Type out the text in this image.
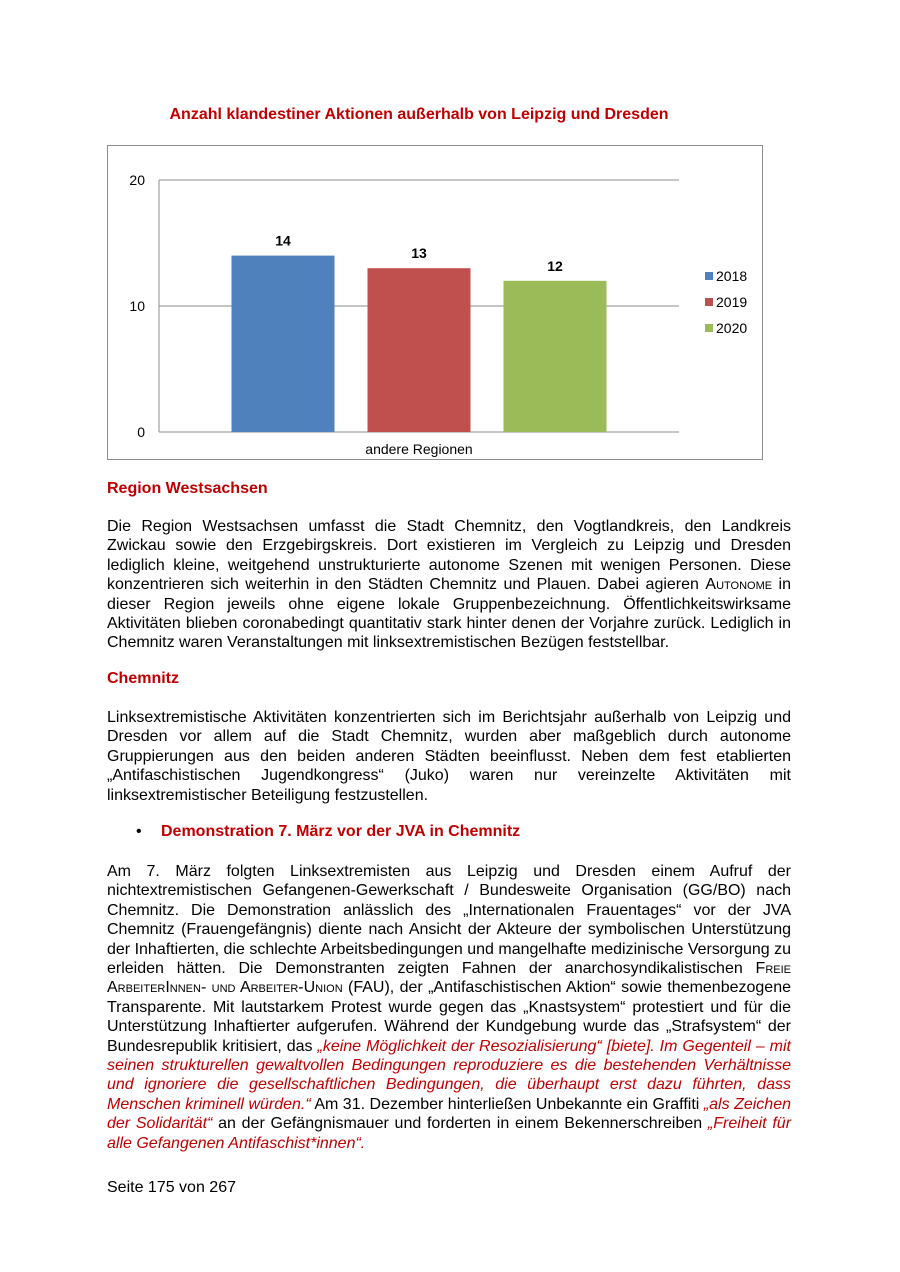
Anzahl klandestiner Aktionen außerhalb von Leipzig und Dresden
0
10
20
14
13
12
andere Regionen
2018
2019
2020
Region Westsachsen

Die Region Westsachsen umfasst die Stadt Chemnitz, den Vogtlandkreis, den Landkreis Zwickau sowie den Erzgebirgskreis. Dort existieren im Vergleich zu Leipzig und Dresden lediglich kleine, weitgehend unstrukturierte autonome Szenen mit wenigen Personen. Diese konzentrieren sich weiterhin in den Städten Chemnitz und Plauen. Dabei agieren Autonome in dieser Region jeweils ohne eigene lokale Gruppenbezeichnung. Öffentlichkeitswirksame Aktivitäten blieben coronabedingt quantitativ stark hinter denen der Vorjahre zurück. Lediglich in Chemnitz waren Veranstaltungen mit linksextremistischen Bezügen feststellbar.

Chemnitz

Linksextremistische Aktivitäten konzentrierten sich im Berichtsjahr außerhalb von Leipzig und Dresden vor allem auf die Stadt Chemnitz, wurden aber maßgeblich durch autonome Gruppierungen aus den beiden anderen Städten beeinflusst. Neben dem fest etablierten „Antifaschistischen Jugendkongress“ (Juko) waren nur vereinzelte Aktivitäten mit linksextremistischer Beteiligung festzustellen.

• Demonstration 7. März vor der JVA in Chemnitz

Am 7. März folgten Linksextremisten aus Leipzig und Dresden einem Aufruf der nichtextremistischen Gefangenen-Gewerkschaft / Bundesweite Organisation (GG/BO) nach Chemnitz. Die Demonstration anlässlich des „Internationalen Frauentages“ vor der JVA Chemnitz (Frauengefängnis) diente nach Ansicht der Akteure der symbolischen Unterstützung der Inhaftierten, die schlechte Arbeitsbedingungen und mangelhafte medizinische Versorgung zu erleiden hätten. Die Demonstranten zeigten Fahnen der anarchosyndikalistischen Freie ArbeiterInnen- und Arbeiter-Union (FAU), der „Antifaschistischen Aktion“ sowie themenbezogene Transparente. Mit lautstarkem Protest wurde gegen das „Knastsystem“ protestiert und für die Unterstützung Inhaftierter aufgerufen. Während der Kundgebung wurde das „Strafsystem“ der Bundesrepublik kritisiert, das „keine Möglichkeit der Resozialisierung“ [biete]. Im Gegenteil – mit seinen strukturellen gewaltvollen Bedingungen reproduziere es die bestehenden Verhältnisse und ignoriere die gesellschaftlichen Bedingungen, die überhaupt erst dazu führten, dass Menschen kriminell würden.“ Am 31. Dezember hinterließen Unbekannte ein Graffiti „als Zeichen der Solidarität“ an der Gefängnismauer und forderten in einem Bekennerschreiben „Freiheit für alle Gefangenen Antifaschist*innen“.

Seite 175 von 267
